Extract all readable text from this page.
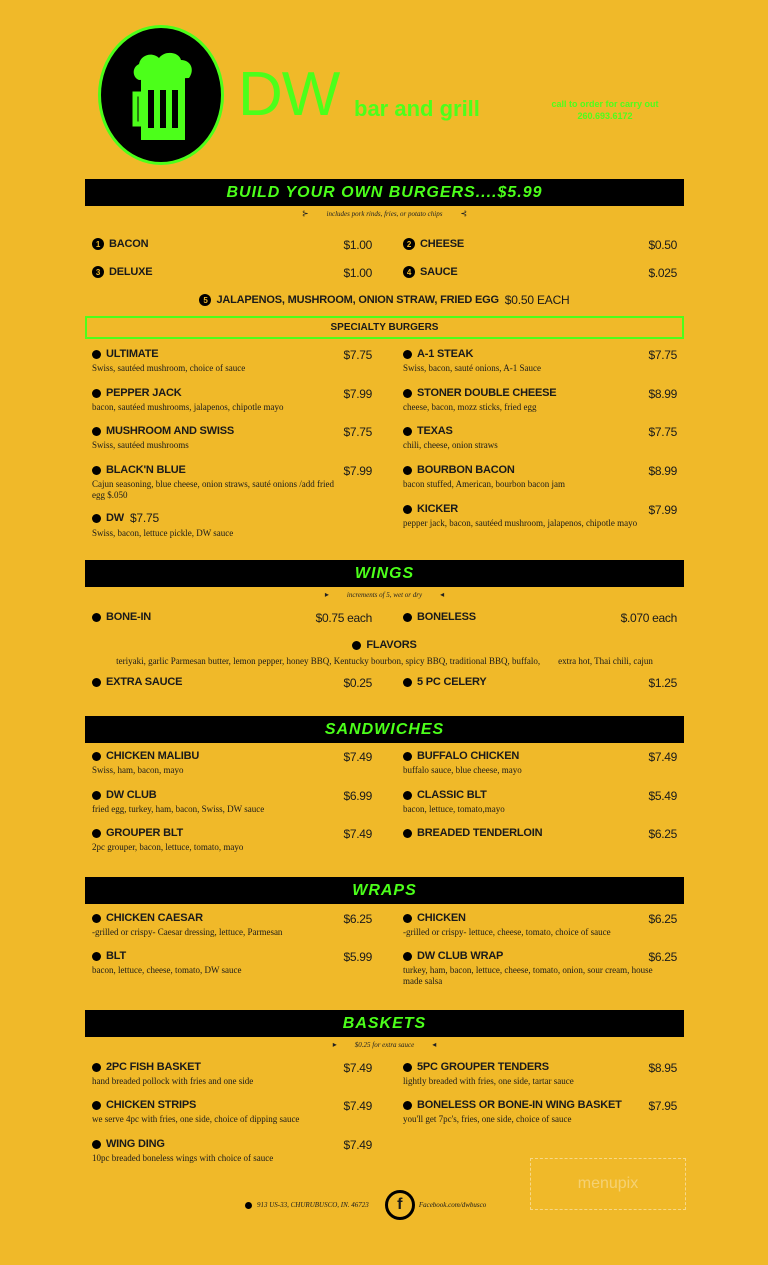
DW bar and grill	call to order for carry out
260.693.6172
BUILD YOUR OWN BURGERS....$5.99
⊱	includes pork rinds, fries, or potato chips ⊰
1 BACON	$1.00	2 CHEESE	$0.50
3 DELUXE	$1.00	4 SAUCE	$.025
5 JALAPENOS, MUSHROOM, ONION STRAW, FRIED EGG $0.50 EACH
SPECIALTY BURGERS
ULTIMATE	$7.75
Swiss, sautéed mushroom, choice of sauce
A-1 STEAK	$7.75
Swiss, bacon, sauté onions, A-1 Sauce
PEPPER JACK	$7.99
bacon, sautéed mushrooms, jalapenos, chipotle mayo
STONER DOUBLE CHEESE	$8.99
cheese, bacon, mozz sticks, fried egg
MUSHROOM AND SWISS	$7.75
Swiss, sautéed mushrooms
TEXAS	$7.75
chili, cheese, onion straws
BLACK'N BLUE	$7.99
Cajun seasoning, blue cheese, onion straws, sauté onions /add fried egg $.050
BOURBON BACON	$8.99
bacon stuffed, American, bourbon bacon jam
DW $7.75
Swiss, bacon, lettuce pickle, DW sauce
KICKER	$7.99
pepper jack, bacon, sautéed mushroom, jalapenos, chipotle mayo
WINGS
▸	increments of 5, wet or dry ◂
BONE-IN	$0.75 each	BONELESS	$.070 each
FLAVORS
teriyaki, garlic Parmesan butter, lemon pepper, honey BBQ, Kentucky bourbon, spicy BBQ, traditional BBQ, buffalo, extra hot, Thai chili, cajun
EXTRA SAUCE	$0.25	5 PC CELERY	$1.25
SANDWICHES
CHICKEN MALIBU	$7.49
Swiss, ham, bacon, mayo
BUFFALO CHICKEN	$7.49
buffalo sauce, blue cheese, mayo
DW CLUB	$6.99
fried egg, turkey, ham, bacon, Swiss, DW sauce
CLASSIC BLT	$5.49
bacon, lettuce, tomato,mayo
GROUPER BLT	$7.49
2pc grouper, bacon, lettuce, tomato, mayo
BREADED TENDERLOIN	$6.25
WRAPS
CHICKEN CAESAR	$6.25
-grilled or crispy- Caesar dressing, lettuce, Parmesan
CHICKEN	$6.25
-grilled or crispy- lettuce, cheese, tomato, choice of sauce
BLT	$5.99
bacon, lettuce, cheese, tomato, DW sauce
DW CLUB WRAP	$6.25
turkey, ham, bacon, lettuce, cheese, tomato, onion, sour cream, house made salsa
BASKETS
▸	$0.25 for extra sauce ◂
2PC FISH BASKET	$7.49
hand breaded pollock with fries and one side
5PC GROUPER TENDERS	$8.95
lightly breaded with fries, one side, tartar sauce
CHICKEN STRIPS	$7.49
we serve 4pc with fries, one side, choice of dipping sauce
BONELESS OR BONE-IN WING BASKET $7.95
you'll get 7pc's, fries, one side, choice of sauce
WING DING	$7.49
10pc breaded boneless wings with choice of sauce
menupix
913 US-33, CHURUBUSCO, IN. 46723	f	Facebook.com/dwbusco
